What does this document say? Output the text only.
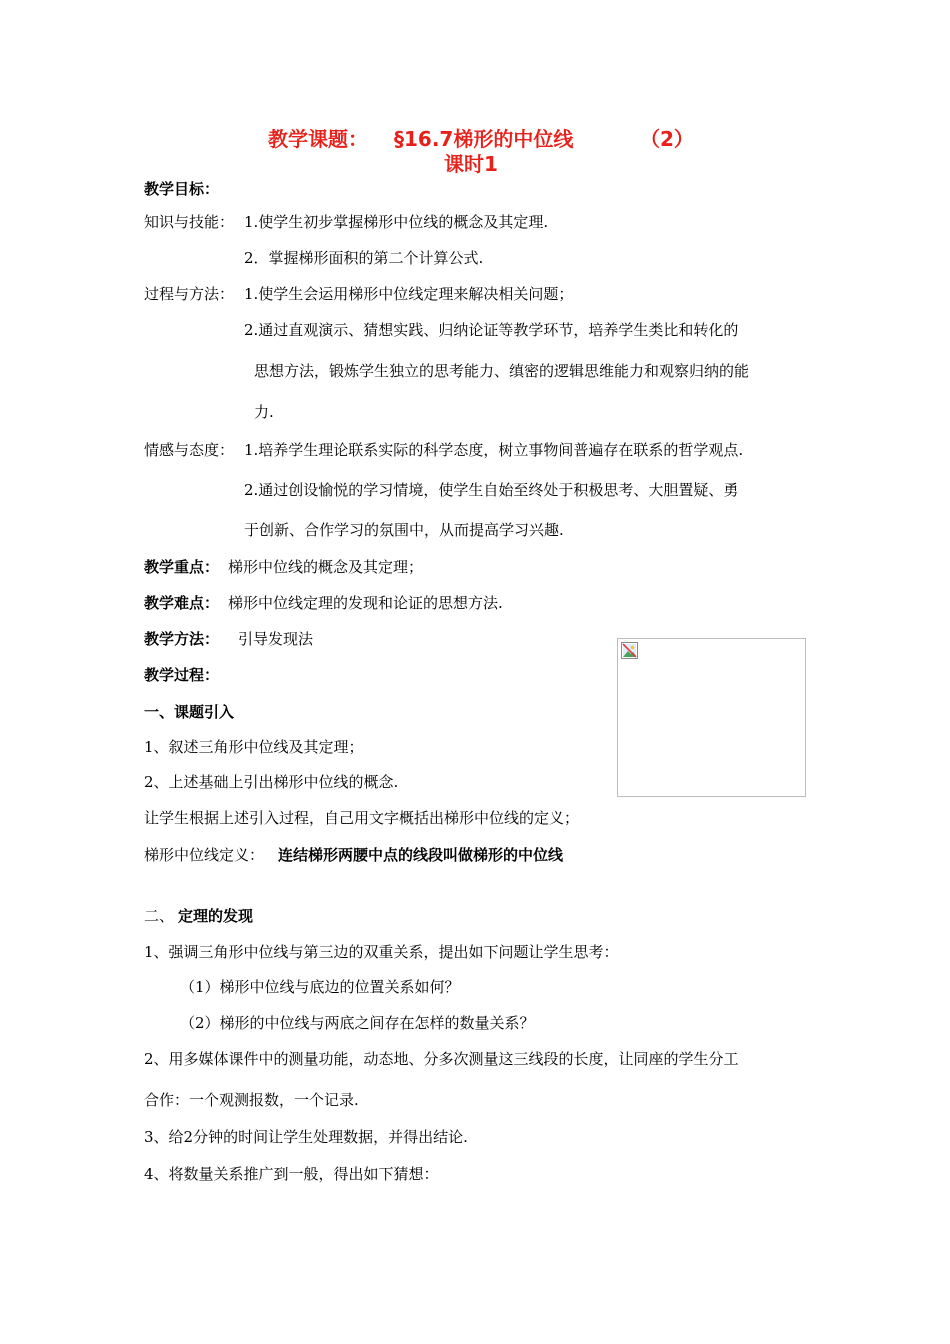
教学课题： §16.7梯形的中位线	（2）
课时1
教学目标：
知识与技能： 1.使学生初步掌握梯形中位线的概念及其定理.
2．掌握梯形面积的第二个计算公式.
过程与方法： 1.使学生会运用梯形中位线定理来解决相关问题；
2.通过直观演示、猜想实践、归纳论证等教学环节，培养学生类比和转化的
思想方法，锻炼学生独立的思考能力、缜密的逻辑思维能力和观察归纳的能
力.
情感与态度： 1.培养学生理论联系实际的科学态度，树立事物间普遍存在联系的哲学观点.
2.通过创设愉悦的学习情境，使学生自始至终处于积极思考、大胆置疑、勇
于创新、合作学习的氛围中，从而提高学习兴趣.
教学重点： 梯形中位线的概念及其定理；
教学难点： 梯形中位线定理的发现和论证的思想方法.
教学方法： 引导发现法
教学过程：
一、课题引入
1、叙述三角形中位线及其定理；
2、上述基础上引出梯形中位线的概念.
让学生根据上述引入过程，自己用文字概括出梯形中位线的定义；
梯形中位线定义： 连结梯形两腰中点的线段叫做梯形的中位线
二、 定理的发现
1、强调三角形中位线与第三边的双重关系，提出如下问题让学生思考：
（1）梯形中位线与底边的位置关系如何？
（2）梯形的中位线与两底之间存在怎样的数量关系？
2、用多媒体课件中的测量功能，动态地、分多次测量这三线段的长度，让同座的学生分工
合作：一个观测报数，一个记录.
3、给2分钟的时间让学生处理数据，并得出结论.
4、将数量关系推广到一般，得出如下猜想：
